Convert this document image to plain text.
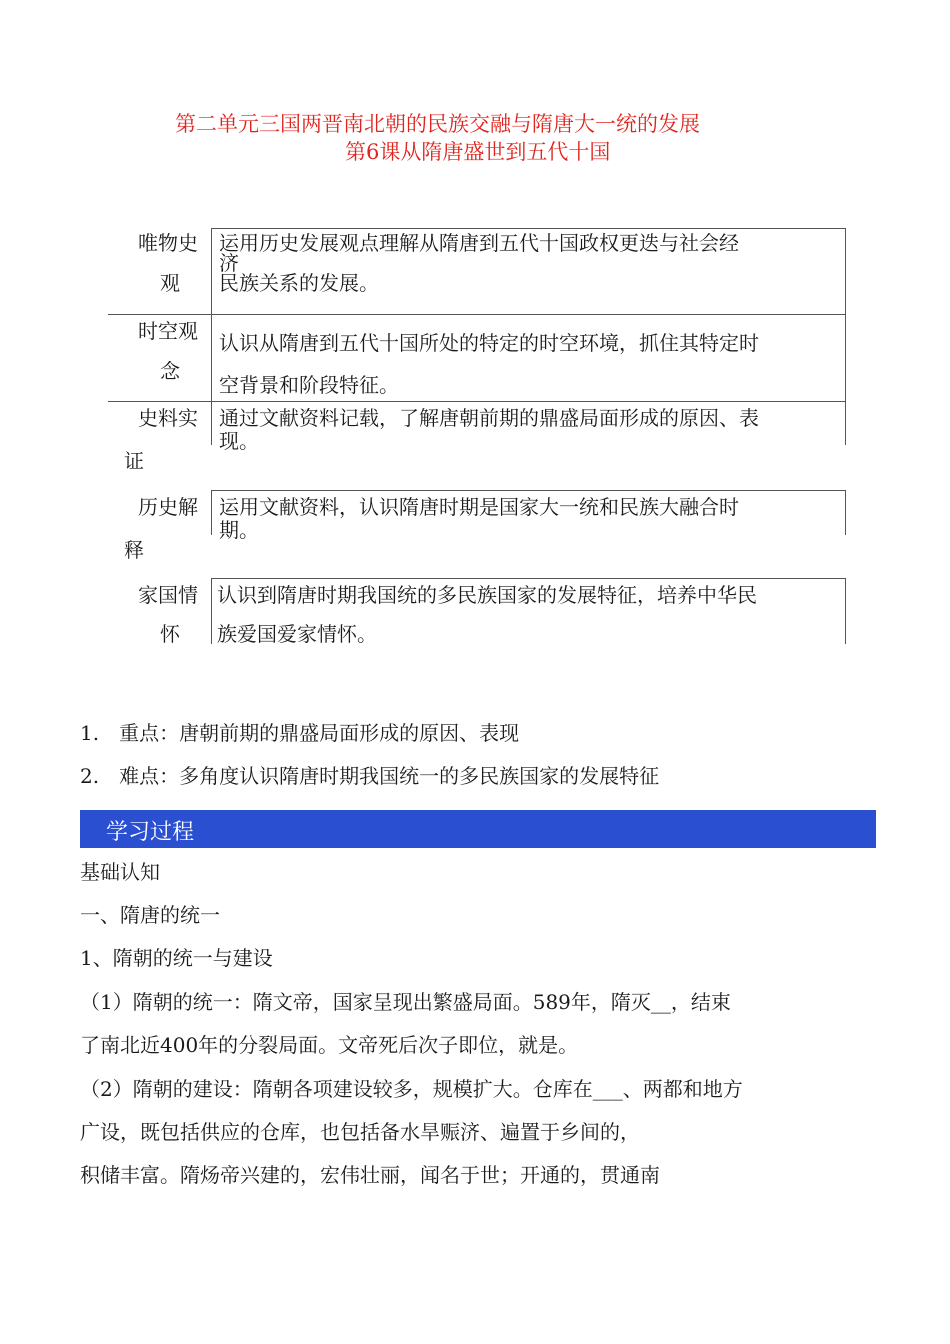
第二单元三国两晋南北朝的民族交融与隋唐大一统的发展
第6课从隋唐盛世到五代十国
唯物史
观
运用历史发展观点理解从隋唐到五代十国政权更迭与社会经
济
民族关系的发展。
时空观
念
认识从隋唐到五代十国所处的特定的时空环境，抓住其特定时
空背景和阶段特征。
史料实
证
通过文献资料记载，了解唐朝前期的鼎盛局面形成的原因、表
现。
历史解
释
运用文献资料，认识隋唐时期是国家大一统和民族大融合时
期。
家国情
怀
认识到隋唐时期我国统的多民族国家的发展特征，培养中华民
族爱国爱家情怀。
1.　重点：唐朝前期的鼎盛局面形成的原因、表现
2.　难点：多角度认识隋唐时期我国统一的多民族国家的发展特征
学习过程
基础认知
一、隋唐的统一
1、隋朝的统一与建设
（1）隋朝的统一：隋文帝，国家呈现出繁盛局面。589年，隋灭__，结束
了南北近400年的分裂局面。文帝死后次子即位，就是。
（2）隋朝的建设：隋朝各项建设较多，规模扩大。仓库在___、两都和地方
广设，既包括供应的仓库，也包括备水旱赈济、遍置于乡间的，
积储丰富。隋炀帝兴建的，宏伟壮丽，闻名于世；开通的，贯通南
